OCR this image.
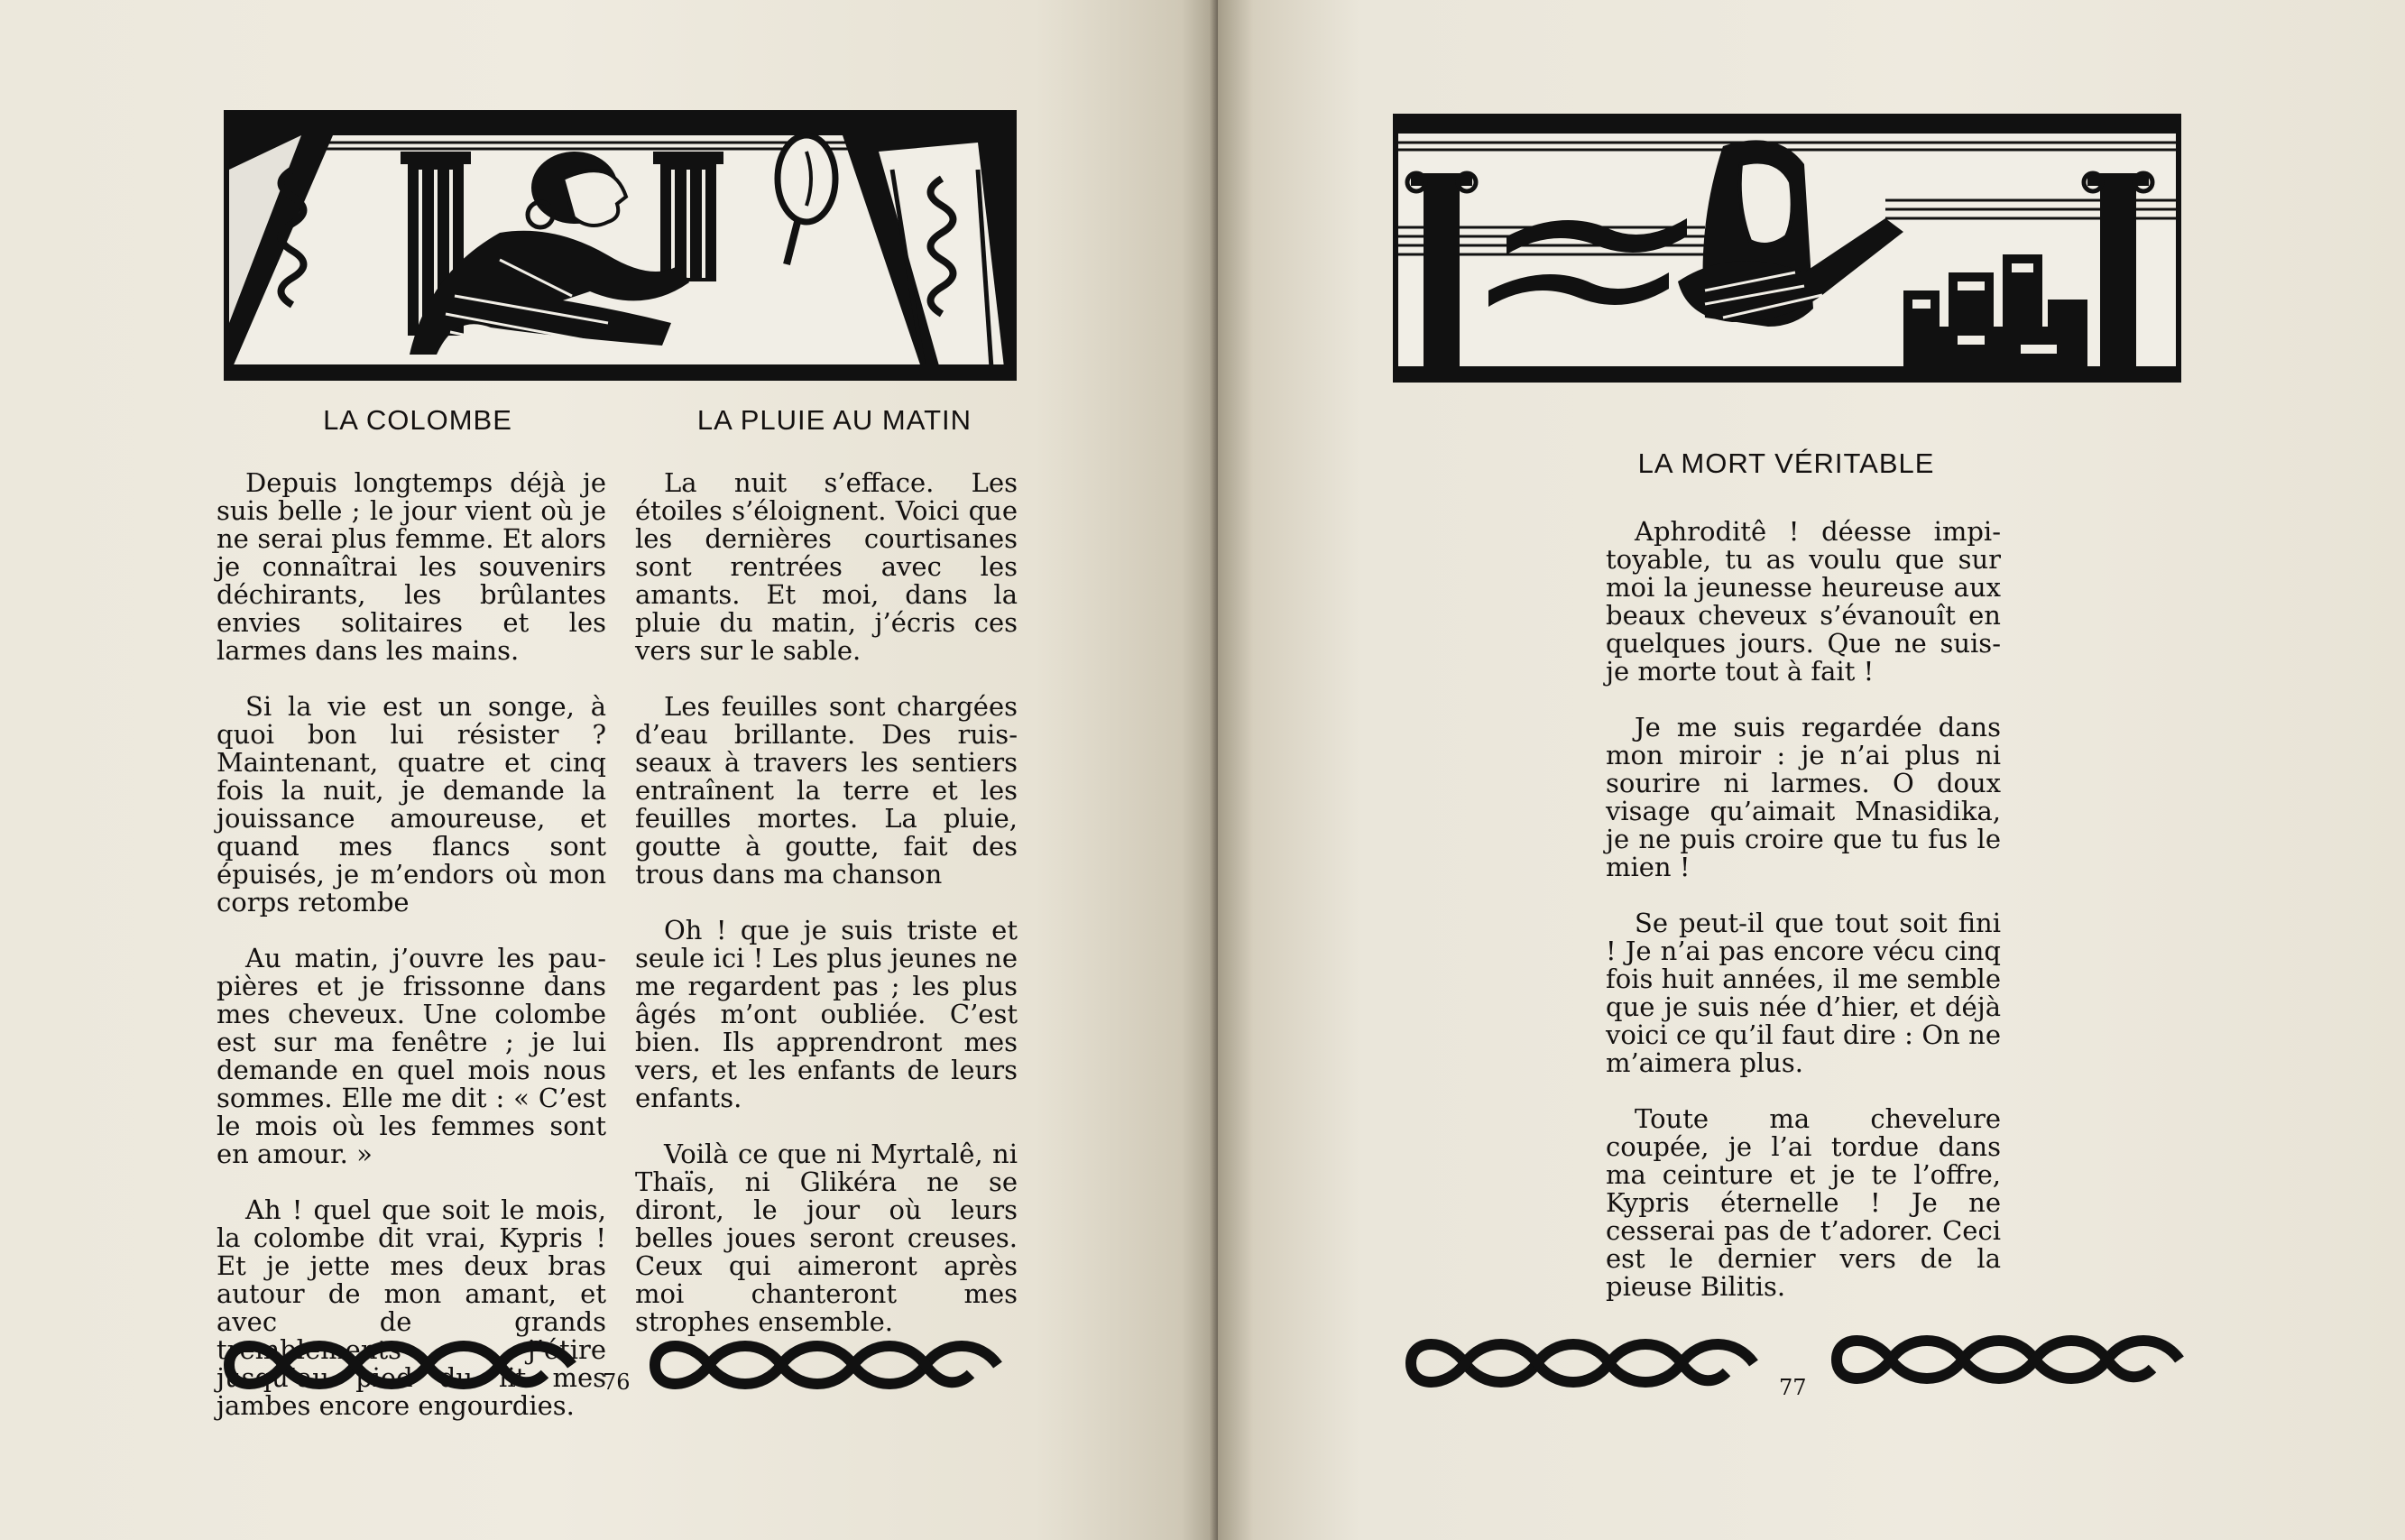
LA COLOMBE	LA PLUIE AU MATIN

Depuis longtemps déjà je suis belle ; le jour vient où je ne serai plus femme. Et alors je connaîtrai les souvenirs déchirants, les brûlantes envies solitaires et les larmes dans les mains.

Si la vie est un songe, à quoi bon lui résister ? Maintenant, quatre et cinq fois la nuit, je demande la jouissance amoureuse, et quand mes flancs sont épuisés, je m’endors où mon corps retombe

Au matin, j’ouvre les paupières et je frissonne dans mes cheveux. Une colombe est sur ma fenêtre ; je lui demande en quel mois nous sommes. Elle me dit : « C’est le mois où les femmes sont en amour. »

Ah ! quel que soit le mois, la colombe dit vrai, Kypris ! Et je jette mes deux bras autour de mon amant, et avec de grands tremblements j’étire jusqu’au pied du lit mes jambes encore engourdies.

La nuit s’efface. Les étoiles s’éloignent. Voici que les dernières courtisanes sont rentrées avec les amants. Et moi, dans la pluie du matin, j’écris ces vers sur le sable.

Les feuilles sont chargées d’eau brillante. Des ruisseaux à travers les sentiers entraînent la terre et les feuilles mortes. La pluie, goutte à goutte, fait des trous dans ma chanson

Oh ! que je suis triste et seule ici ! Les plus jeunes ne me regardent pas ; les plus âgés m’ont oubliée. C’est bien. Ils apprendront mes vers, et les enfants de leurs enfants.

Voilà ce que ni Myrtalê, ni Thaïs, ni Glikéra ne se diront, le jour où leurs belles joues seront creuses. Ceux qui aimeront après moi chanteront mes strophes ensemble.

76
LA MORT VÉRITABLE

Aphroditê ! déesse impitoyable, tu as voulu que sur moi la jeunesse heureuse aux beaux cheveux s’évanouît en quelques jours. Que ne suis-je morte tout à fait !

Je me suis regardée dans mon miroir : je n’ai plus ni sourire ni larmes. O doux visage qu’aimait Mnasidika, je ne puis croire que tu fus le mien !

Se peut-il que tout soit fini ! Je n’ai pas encore vécu cinq fois huit années, il me semble que je suis née d’hier, et déjà voici ce qu’il faut dire : On ne m’aimera plus.

Toute ma chevelure coupée, je l’ai tordue dans ma ceinture et je te l’offre, Kypris éternelle ! Je ne cesserai pas de t’adorer. Ceci est le dernier vers de la pieuse Bilitis.

77
